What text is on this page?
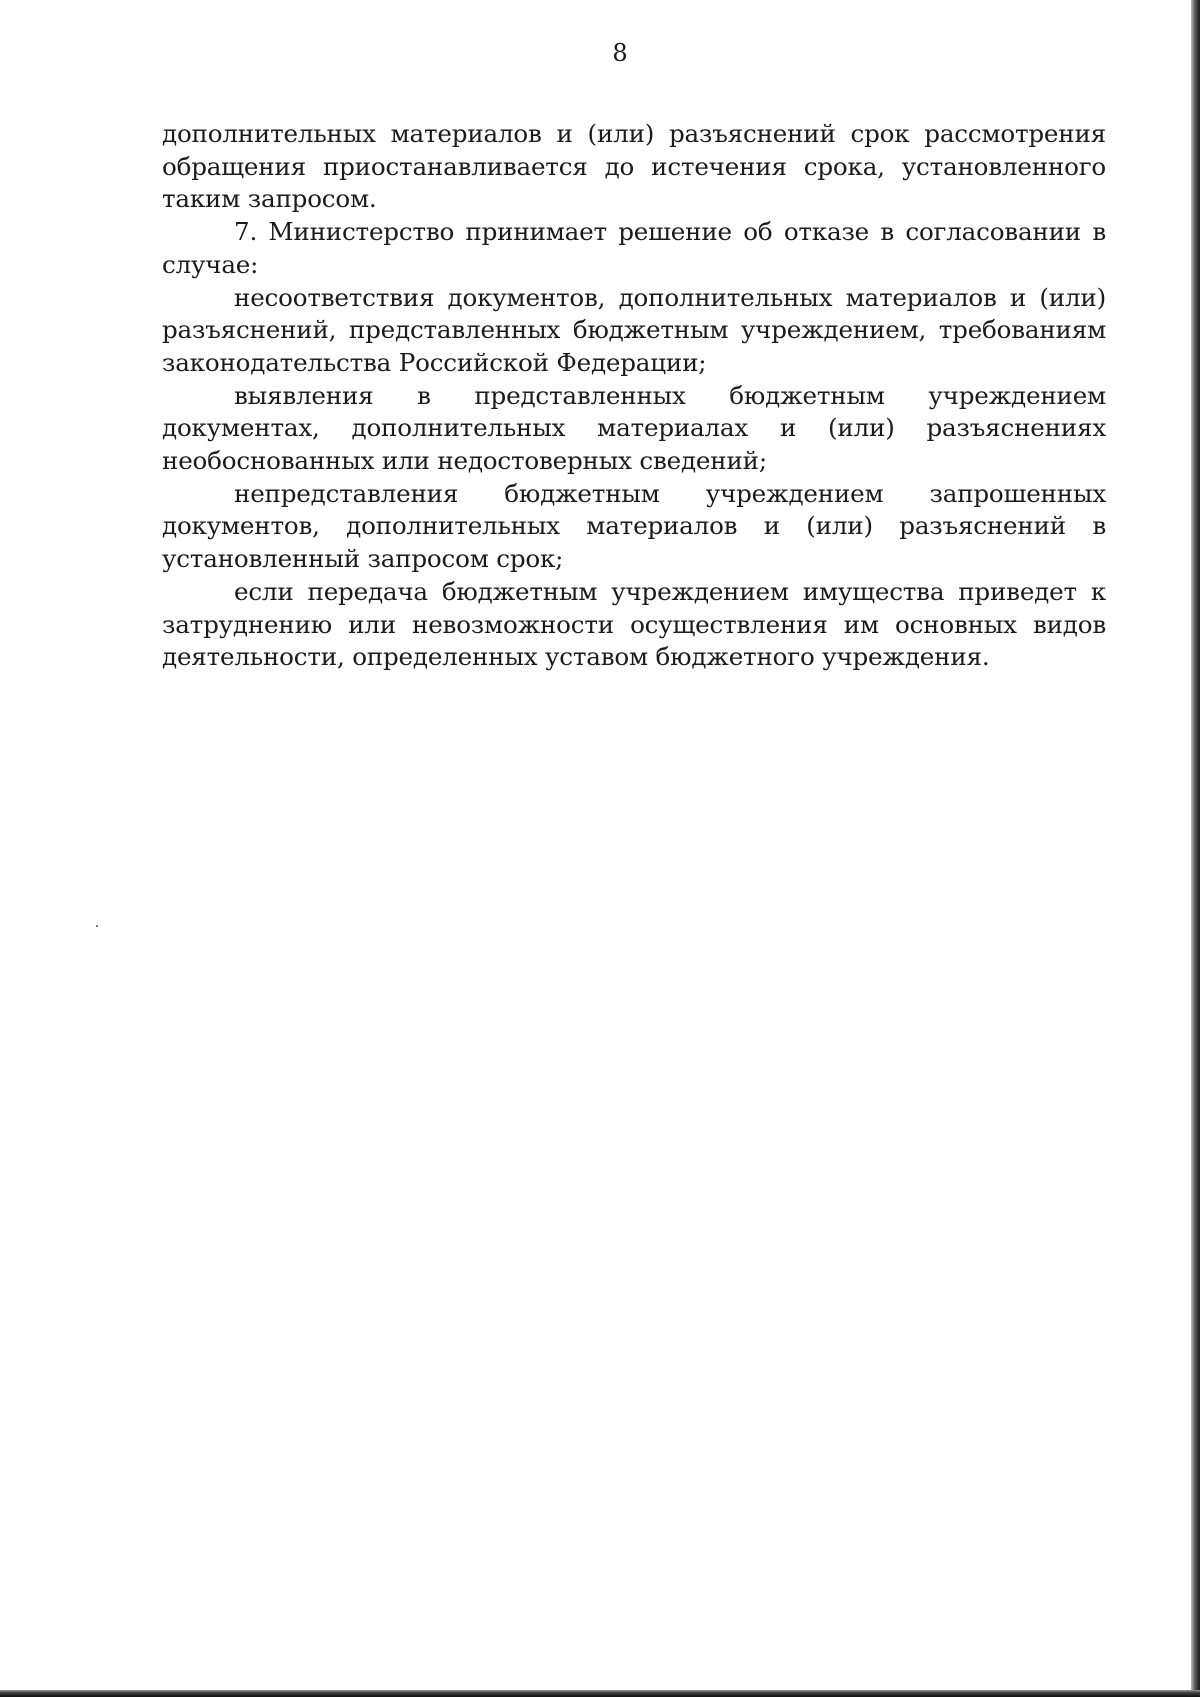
8

дополнительных материалов и (или) разъяснений срок рассмотрения обращения приостанавливается до истечения срока, установленного таким запросом.

7. Министерство принимает решение об отказе в согласовании в случае:

несоответствия документов, дополнительных материалов и (или) разъяснений, представленных бюджетным учреждением, требованиям законодательства Российской Федерации;

выявления в представленных бюджетным учреждением документах, дополнительных материалах и (или) разъяснениях необоснованных или недостоверных сведений;

непредставления бюджетным учреждением запрошенных документов, дополнительных материалов и (или) разъяснений в установленный запросом срок;

если передача бюджетным учреждением имущества приведет к затруднению или невозможности осуществления им основных видов деятельности, определенных уставом бюджетного учреждения.
